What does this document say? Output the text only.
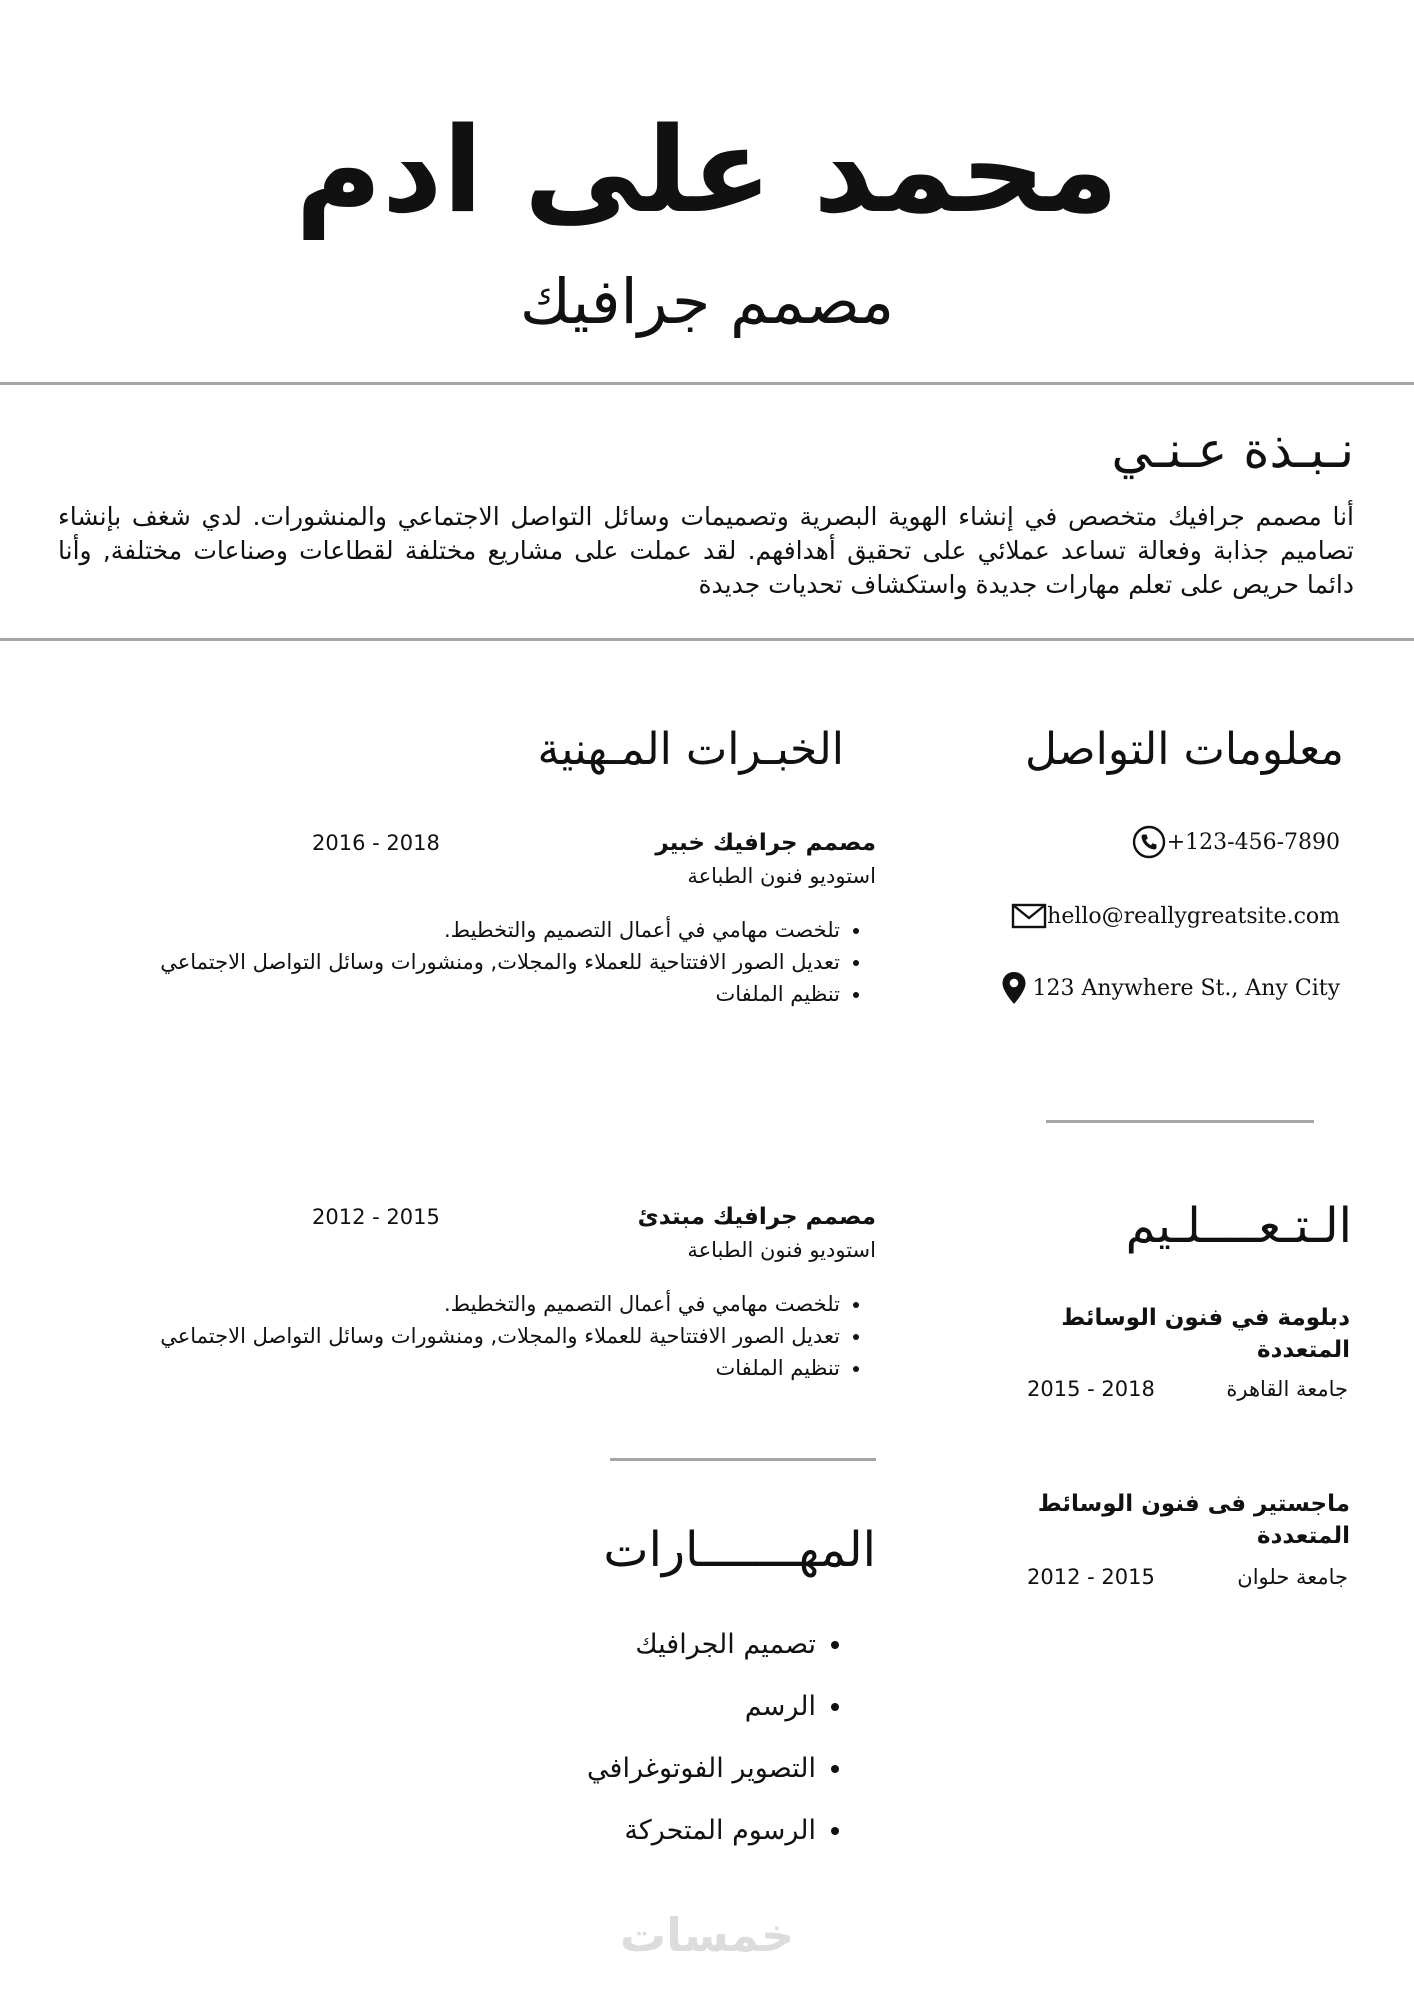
محمد على ادم
مصمم جرافيك
نـبـذة عـنـي
أنا مصمم جرافيك متخصص في إنشاء الهوية البصرية وتصميمات وسائل التواصل الاجتماعي والمنشورات. لدي شغف بإنشاء تصاميم جذابة وفعالة تساعد عملائي على تحقيق أهدافهم. لقد عملت على مشاريع مختلفة لقطاعات وصناعات مختلفة, وأنا دائما حريص على تعلم مهارات جديدة واستكشاف تحديات جديدة
معلومات التواصل
+123-456-7890
hello@reallygreatsite.com
123 Anywhere St., Any City
الـتـعــــلـيم
دبلومة في فنون الوسائط المتعددة
جامعة القاهرة
2015 - 2018
ماجستير فى فنون الوسائط المتعددة
جامعة حلوان
2012 - 2015
الخبـرات المـهنية
مصمم جرافيك خبير
2016 - 2018
استوديو فنون الطباعة
• تلخصت مهامي في أعمال التصميم والتخطيط.
• تعديل الصور الافتتاحية للعملاء والمجلات, ومنشورات وسائل التواصل الاجتماعي
• تنظيم الملفات
مصمم جرافيك مبتدئ
2012 - 2015
استوديو فنون الطباعة
• تلخصت مهامي في أعمال التصميم والتخطيط.
• تعديل الصور الافتتاحية للعملاء والمجلات, ومنشورات وسائل التواصل الاجتماعي
• تنظيم الملفات
المهـــــــارات
• تصميم الجرافيك
• الرسم
• التصوير الفوتوغرافي
• الرسوم المتحركة
خمسات
